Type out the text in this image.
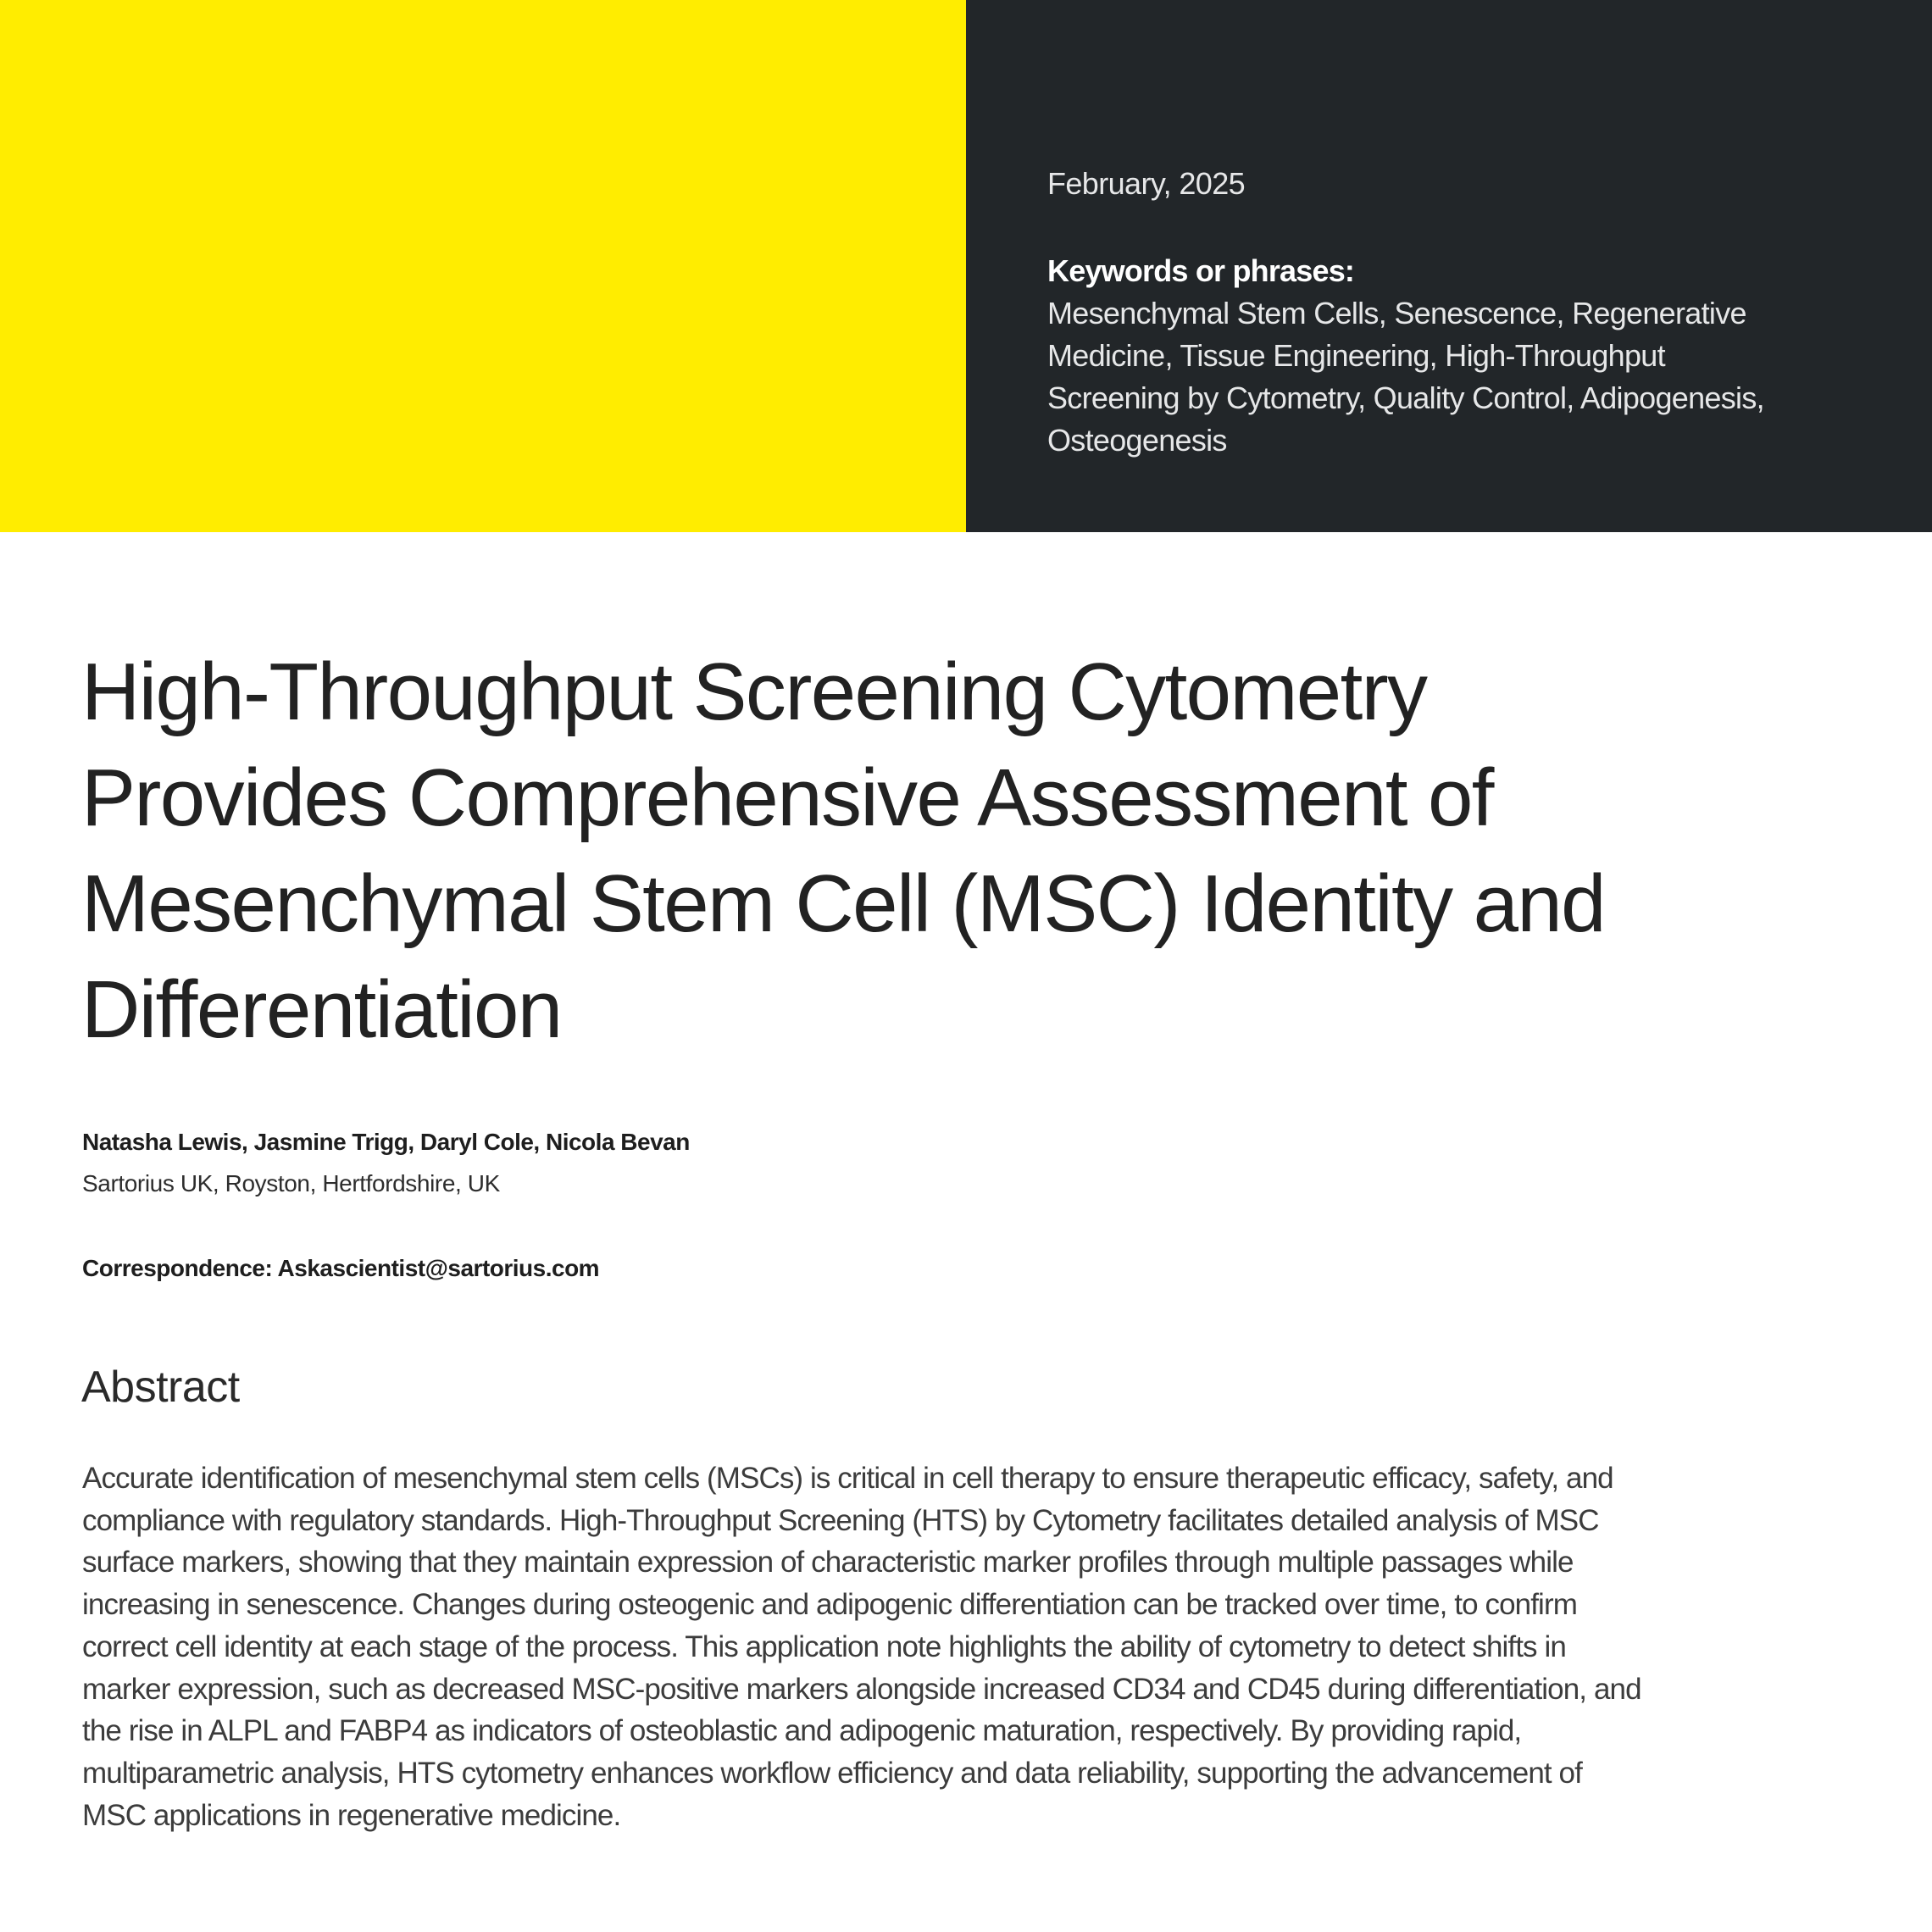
February, 2025
Keywords or phrases:
Mesenchymal Stem Cells, Senescence, Regenerative
Medicine, Tissue Engineering, High-Throughput
Screening by Cytometry, Quality Control, Adipogenesis,
Osteogenesis
High-Throughput Screening Cytometry
Provides Comprehensive Assessment of
Mesenchymal Stem Cell (MSC) Identity and
Differentiation
Natasha Lewis, Jasmine Trigg, Daryl Cole, Nicola Bevan
Sartorius UK, Royston, Hertfordshire, UK
Correspondence: Askascientist@sartorius.com
Abstract

Accurate identification of mesenchymal stem cells (MSCs) is critical in cell therapy to ensure therapeutic efficacy, safety, and
compliance with regulatory standards. High-Throughput Screening (HTS) by Cytometry facilitates detailed analysis of MSC
surface markers, showing that they maintain expression of characteristic marker profiles through multiple passages while
increasing in senescence. Changes during osteogenic and adipogenic differentiation can be tracked over time, to confirm
correct cell identity at each stage of the process. This application note highlights the ability of cytometry to detect shifts in
marker expression, such as decreased MSC-positive markers alongside increased CD34 and CD45 during differentiation, and
the rise in ALPL and FABP4 as indicators of osteoblastic and adipogenic maturation, respectively. By providing rapid,
multiparametric analysis, HTS cytometry enhances workflow efficiency and data reliability, supporting the advancement of
MSC applications in regenerative medicine.
